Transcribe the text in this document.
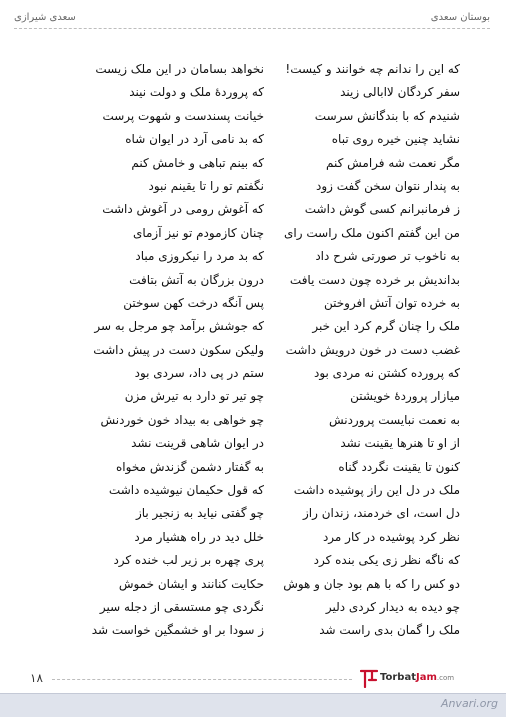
بوستان سعدی
سعدی شیرازی
که این را ندانم چه خوانند و کیست!
نخواهد بسامان در این ملک زیست
سفر کردگان لاابالی زیند
که پروردهٔ ملک و دولت نیند
شنیدم که با بندگانش سرست
خیانت پسندست و شهوت پرست
نشاید چنین خیره روی تباه
که بد نامی آرد در ایوان شاه
مگر نعمت شه فرامش کنم
که بینم تباهی و خامش کنم
به پندار نتوان سخن گفت زود
نگفتم تو را تا یقینم نبود
ز فرمانبرانم کسی گوش داشت
که آغوش رومی در آغوش داشت
من این گفتم اکنون ملک راست رای
چنان کازمودم تو نیز آزمای
به ناخوب تر صورتی شرح داد
که بد مرد را نیکروزی مباد
بداندیش بر خرده چون دست یافت
درون بزرگان به آتش بتافت
به خرده توان آتش افروختن
پس آنگه درخت کهن سوختن
ملک را چنان گرم کرد این خبر
که جوشش برآمد چو مرجل به سر
غضب دست در خون درویش داشت
ولیکن سکون دست در پیش داشت
که پرورده کشتن نه مردی بود
ستم در پی داد، سردی بود
میازار پروردهٔ خویشتن
چو تیر تو دارد به تیرش مزن
به نعمت نبایست پروردنش
چو خواهی به بیداد خون خوردنش
از او تا هنرها یقینت نشد
در ایوان شاهی قرینت نشد
کنون تا یقینت نگردد گناه
به گفتار دشمن گزندش مخواه
ملک در دل این راز پوشیده داشت
که قول حکیمان نیوشیده داشت
دل است، ای خردمند، زندان راز
چو گفتی نیاید به زنجیر باز
نظر کرد پوشیده در کار مرد
خلل دید در راه هشیار مرد
که ناگه نظر زی یکی بنده کرد
پری چهره بر زیر لب خنده کرد
دو کس را که با هم بود جان و هوش
حکایت کنانند و ایشان خموش
چو دیده به دیدار کردی دلیر
نگردی چو مستسقی از دجله سیر
ملک را گمان بدی راست شد
ز سودا بر او خشمگین خواست شد
۱۸	TorbatJam.com
Anvari.org
